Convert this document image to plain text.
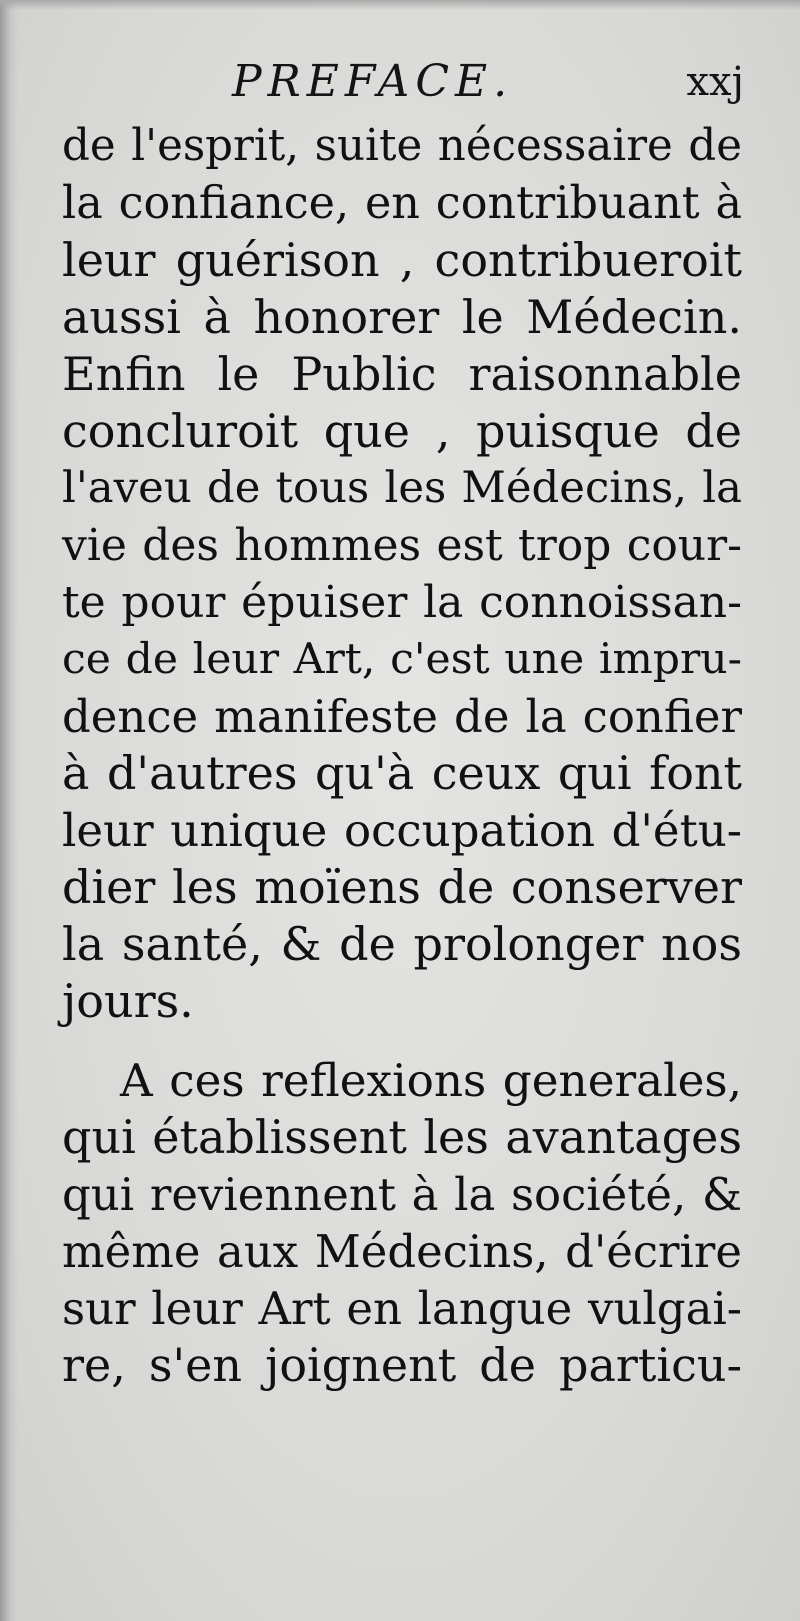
PREFACE.	xxj
de l'esprit, suite nécessaire de
la confiance, en contribuant à
leur guérison , contribueroit
aussi à honorer le Médecin.
Enfin le Public raisonnable
concluroit que , puisque de
l'aveu de tous les Médecins, la
vie des hommes est trop cour-
te pour épuiser la connoissan-
ce de leur Art, c'est une impru-
dence manifeste de la confier
à d'autres qu'à ceux qui font
leur unique occupation d'étu-
dier les moïens de conserver
la santé, & de prolonger nos
jours.
A ces reflexions generales,
qui établissent les avantages
qui reviennent à la société, &
même aux Médecins, d'écrire
sur leur Art en langue vulgai-
re, s'en joignent de particu-
